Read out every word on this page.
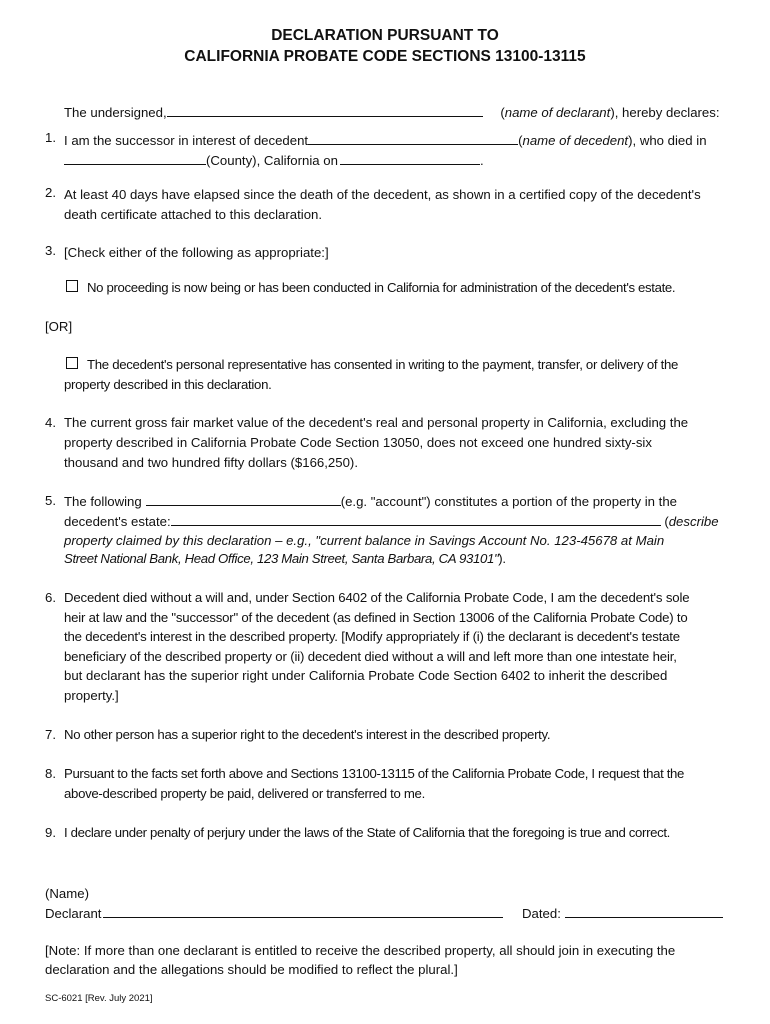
DECLARATION PURSUANT TO
CALIFORNIA PROBATE CODE SECTIONS 13100-13115
The undersigned,	(name of declarant), hereby declares:
1. I am the successor in interest of decedent	(name of decedent), who died in
(County), California on	.
2. At least 40 days have elapsed since the death of the decedent, as shown in a certified copy of the decedent's
death certificate attached to this declaration.
3. [Check either of the following as appropriate:]
No proceeding is now being or has been conducted in California for administration of the decedent's estate.
[OR]
The decedent's personal representative has consented in writing to the payment, transfer, or delivery of the
property described in this declaration.
4. The current gross fair market value of the decedent's real and personal property in California, excluding the
property described in California Probate Code Section 13050, does not exceed one hundred sixty-six
thousand and two hundred fifty dollars ($166,250).
5. The following	(e.g. "account") constitutes a portion of the property in the
decedent's estate:	(describe
property claimed by this declaration – e.g., "current balance in Savings Account No. 123-45678 at Main
Street National Bank, Head Office, 123 Main Street, Santa Barbara, CA 93101").
6. Decedent died without a will and, under Section 6402 of the California Probate Code, I am the decedent's sole
heir at law and the "successor" of the decedent (as defined in Section 13006 of the California Probate Code) to
the decedent's interest in the described property. [Modify appropriately if (i) the declarant is decedent's testate
beneficiary of the described property or (ii) decedent died without a will and left more than one intestate heir,
but declarant has the superior right under California Probate Code Section 6402 to inherit the described
property.]
7. No other person has a superior right to the decedent's interest in the described property.
8. Pursuant to the facts set forth above and Sections 13100-13115 of the California Probate Code, I request that the
above-described property be paid, delivered or transferred to me.
9. I declare under penalty of perjury under the laws of the State of California that the foregoing is true and correct.
(Name)
Declarant	Dated:
[Note: If more than one declarant is entitled to receive the described property, all should join in executing the
declaration and the allegations should be modified to reflect the plural.]
SC-6021 [Rev. July 2021]
